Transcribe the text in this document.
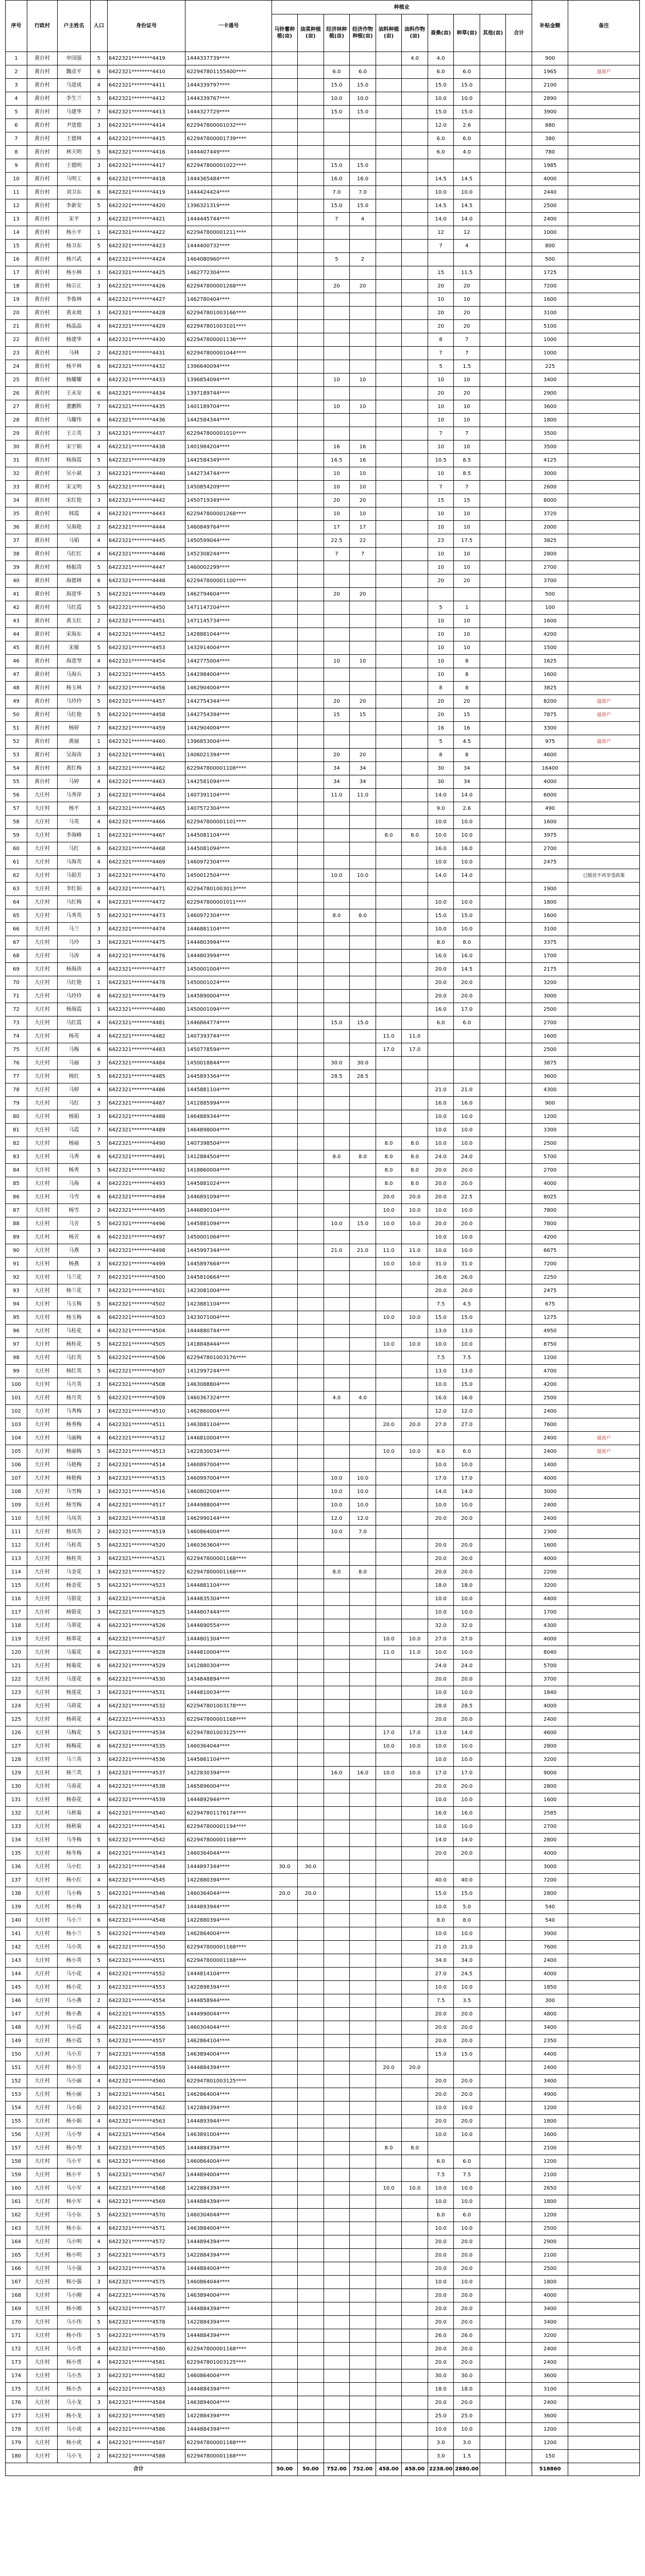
序号	行政村	户主姓名	人口	身份证号	一卡通号	种植业										补贴金额	备注
						马铃薯种植(亩)	油菜种植(亩)	经济林种植(亩)	经济作物种植(亩)	油料种植(亩)	油料作物(亩)	蚕桑(亩)	种草(亩)	其他(亩)	合计		
1	黄台村	申国强	5	6422321********4419	1444337739****						4.0	4.0				900	
2	黄台村	魏彦平	6	6422321********4410	622947801155400****			6.0	6.0			6.0	6.0			1965	返贫户
3	黄台村	马进成	4	6422321********4411	1444339797****			15.0	15.0			15.0	15.0			2100	
4	黄台村	李生兰	5	6422321********4412	1444339767****			10.0	10.0			10.0	10.0			2890	
5	黄台村	马建华	7	6422321********4413	1444327729****			15.0	15.0			15.0	15.0			3900	
6	黄台村	尹进德	3	6422321********4414	622947800001032****							12.0	2.6			880	
7	黄台村	王德林	4	6422321********4415	622947800001739****							6.0	6.0			380	
8	黄台村	林天明	5	6422321********4416	1444407449****							6.0	4.0			780	
9	黄台村	王德明	3	6422321********4417	622947800001022****			15.0	15.0							1985	
10	黄台村	马明工	6	6422321********4418	1444365484****			16.0	16.0			14.5	14.5			4000	
11	黄台村	刘卫东	6	6422321********4419	1444424424****			7.0	7.0			10.0	10.0			2440	
12	黄台村	李新安	5	6422321********4420	1396321319****			15.0	15.0			14.5	14.5			2500	
13	黄台村	宋平	3	6422321********4421	1444445744****			7	4			14.0	14.0			2400	
14	黄台村	杨小平	1	6422321********4422	622947800001211****							12	12			1000	
15	黄台村	杨卫东	5	6422321********4423	1444400732****							7	4			800	
16	黄台村	杨兴武	4	6422321********4424	1464080960****			5	2							500	
17	黄台村	杨小林	3	6422321********4425	1462772304****							15	11.5			1725	
18	黄台村	杨宗正	3	6422321********4426	622947800001268****			20	20			20	20			7200	
19	黄台村	李俊林	4	6422321********4427	1462780404****							10	10			1600	
20	黄台村	黄永坡	3	6422321********4428	622947801003166****							20	20			3100	
21	黄台村	杨晶晶	4	6422321********4429	622947801003101****							20	20			5100	
22	黄台村	杨建华	4	6422321********4430	622947800001136****							8	7			1000	
23	黄台村	马林	2	6422321********4431	622947800001044****							7	7			1000	
24	黄台村	杨平林	6	6422321********4432	1396640094****							5	1.5			225	
25	黄台村	杨耀耀	6	6422321********4433	1396854094****			10	10			10	10			3400	
26	黄台村	王永安	6	6422321********4434	1397189744****							20	20			2900	
27	黄台村	董鹏辉	7	6422321********4435	1401189704****			10	10			10	10			3600	
28	黄台村	马耀伟	6	6422321********4436	1442584344****							10	10			1800	
29	黄台村	王立英	3	6422321********4437	622947800001010****							7	7			3500	
30	黄台村	宋宁娟	4	6422321********4438	1401984204****			16	16			10	10			3500	
31	黄台村	杨海霞	5	6422321********4439	1442584349****			16.5	16			10.5	8.5			4125	
32	黄台村	吴小斌	3	6422321********4440	1442734744****			10	10			10	8.5			3000	
33	黄台村	宋文明	5	6422321********4441	1450854209****			10	10			7	7			2600	
34	黄台村	宋红艳	3	6422321********4442	1450719349****			20	20			15	15			8000	
35	黄台村	韩霞	4	6422321********4443	622947800001268****			10	10			10	10			3720	
36	黄台村	吴海艳	2	6422321********4444	1460849764****			17	17			10	10			2000	
37	黄台村	马娟	4	6422321********4445	1450599044****			22.5	22			23	17.5			3825	
38	黄台村	马红红	4	6422321********4446	1452308244****			7	7			10	10			2800	
39	黄台村	杨振清	5	6422321********4447	1460002299****							10	10			2700	
40	黄台村	海德林	6	6422321********4448	622947800001100****							20	20			3700	
41	黄台村	海进华	5	6422321********4449	1462794604****			20	20							500	
42	黄台村	马红霞	5	6422321********4450	1471147204****							5	1			100	
43	黄台村	黄玉红	2	6422321********4451	1471145734****							10	10			1600	
44	黄台村	宋海东	4	6422321********4452	1428881044****							10	10			4200	
45	黄台村	宋敏	5	6422321********4453	1432914004****							10	10			1500	
46	黄台村	海进琴	4	6422321********4454	1442775004****			10	10			10	8			1625	
47	黄台村	马海兵	3	6422321********4455	1442984004****							10	8			1600	
48	黄台村	杨玉林	7	6422321********4456	1462904004****							8	8			3825	
49	黄台村	马玲玲	5	6422321********4457	1442754344****			20	20			20	20			8200	返贫户
50	黄台村	马红艳	5	6422321********4458	1442754394****			15	15			20	15			7875	返贫户
51	黄台村	杨婷	7	6422321********4459	1442904004****							16	16			3300	
52	黄台村	黄丽	1	6422321********4460	1396853004****							5	4.5			975	返贫户
53	黄台村	吴海涛	3	6422321********4461	1406021394****			20	20			8	8			4600	
54	黄台村	黄红梅	3	6422321********4462	622947800001108****			34	34			30	34			16400	
55	黄台村	马婷	4	6422321********4463	1442581094****			34	34			30	34			4000	
56	大庄村	马秀萍	3	6422321********4464	1407391104****			11.0	11.0			14.0	14.0			6000	
57	大庄村	杨平	3	6422321********4465	1407572304****							9.0	2.6			490	
58	大庄村	马英	4	6422321********4466	622947800001101****							10.0	10.0			1600	
59	大庄村	李海峰	1	6422321********4467	1445081104****					8.0	8.0	10.0	10.0			3975	
60	大庄村	马红	6	6422321********4468	1445081094****							16.0	16.0			2700	
61	大庄村	马海英	4	6422321********4469	1460972304****							10.0	10.0			2475	
62	大庄村	马娟芳	3	6422321********4470	1450012504****			10.0	10.0			14.0	14.0				已脱贫不再享受政策
63	大庄村	李红娟	6	6422321********4471	622947801003013****											1900	
64	大庄村	马红梅	4	6422321********4472	622947800001011****							10.0	10.0			1800	
65	大庄村	马秀英	5	6422321********4473	1460972304****			8.0	8.0			15.0	15.0			1600	
66	大庄村	马兰	3	6422321********4474	1446881104****							10.0	10.0			3100	
67	大庄村	马玲	3	6422321********4475	1444803994****							8.0	8.0			3375	
68	大庄村	马涛	4	6422321********4476	1444803994****							16.0	16.0			1700	
69	大庄村	杨海涛	4	6422321********4477	1450001004****							20.0	14.5			2175	
70	大庄村	马红艳	1	6422321********4478	1450001024****							20.0	20.0			3200	
71	大庄村	马玲玲	6	6422321********4479	1445890004****							20.0	20.0			3000	
72	大庄村	杨海霞	1	6422321********4480	1450001094****							16.0	17.0			2500	
73	大庄村	马红霞	4	6422321********4481	1446864774****			15.0	15.0			6.0	6.0			2700	
74	大庄村	杨英	4	6422321********4482	1407393744****					11.0	11.0					1600	
75	大庄村	马梅	6	6422321********4483	1450778594****					17.0	17.0					2500	
76	大庄村	马丽	3	6422321********4484	1450018844****			30.0	30.0							3875	
77	大庄村	杨红	5	6422321********4485	1445893364****			28.5	28.5							3600	
78	大庄村	马婷	4	6422321********4486	1445881104****							21.0	21.0			4300	
79	大庄村	马红	3	6422321********4487	1412885994****							16.0	16.0			900	
80	大庄村	杨娟	3	6422321********4488	1464889344****							10.0	10.0			1200	
81	大庄村	马霞	7	6422321********4489	1464898004****							10.0	10.0			3300	
82	大庄村	杨丽	5	6422321********4490	1407398504****					8.0	8.0	10.0	10.0			2500	
83	大庄村	马秀	6	6422321********4491	1412884504****			8.0	8.0	8.0	8.0	24.0	24.0			5700	
84	大庄村	杨秀	5	6422321********4492	1418860004****					8.0	8.0	20.0	20.0			2700	
85	大庄村	马海	4	6422321********4493	1445881024****					8.0	8.0	20.0	20.0			4000	
86	大庄村	马雪	6	6422321********4494	1446891094****					20.0	20.0	20.0	22.5			8025	
87	大庄村	杨雪	2	6422321********4495	1446890104****					10.0	10.0	10.0	10.0			7800	
88	大庄村	马芳	5	6422321********4496	1445881094****			10.0	15.0	10.0	10.0	20.0	20.0			7800	
89	大庄村	杨芳	6	6422321********4497	1450001064****							10.0	10.0			4200	
90	大庄村	马燕	3	6422321********4498	1445997344****			21.0	21.0	11.0	11.0	10.0	10.0			6675	
91	大庄村	杨燕	3	6422321********4499	1445897664****					10.0	10.0	31.0	31.0			7200	
92	大庄村	马兰花	7	6422321********4500	1445810664****							26.0	26.0			2250	
93	大庄村	杨兰花	7	6422321********4501	1423081004****							20.0	20.0			2475	
94	大庄村	马玉梅	5	6422321********4502	1423881104****							7.5	4.5			675	
95	大庄村	杨玉梅	6	6422321********4503	1423071004****					10.0	10.0	15.0	15.0			1275	
96	大庄村	马桂花	4	6422321********4504	1444880744****							13.0	13.0			4950	
97	大庄村	杨桂花	5	6422321********4505	1418848444****					10.0	10.0	10.0	10.0			8750	
98	大庄村	马红英	5	6422321********4506	622947801003176****							7.5	7.5			1200	
99	大庄村	杨红英	5	6422321********4507	1412997244****							13.0	13.0			4700	
100	大庄村	马月英	3	6422321********4508	1463088804****							10.0	15.0			4200	
101	大庄村	杨月英	5	6422321********4509	1460367324****			4.0	4.0			16.0	16.0			2500	
102	大庄村	马秀梅	3	6422321********4510	1462860004****							12.0	12.0			2400	
103	大庄村	杨秀梅	4	6422321********4511	1463881104****					20.0	20.0	27.0	27.0			7600	
104	大庄村	马丽梅	4	6422321********4512	1446810004****											2400	返贫户
105	大庄村	杨丽梅	5	6422321********4513	1422830034****					10.0	10.0	6.0	6.0			2400	返贫户
106	大庄村	马艳梅	2	6422321********4514	1460897004****							10.0	10.0			1400	
107	大庄村	杨艳梅	3	6422321********4515	1460997004****			10.0	10.0			17.0	17.0			4000	
108	大庄村	马雪梅	3	6422321********4516	1460802004****			10.0	10.0			14.0	14.0			3000	
109	大庄村	杨雪梅	4	6422321********4517	1444988004****			10.0	10.0			10.0	10.0			2400	
110	大庄村	马凤英	3	6422321********4518	1462990144****			12.0	12.0			20.0	20.0			2400	
111	大庄村	杨凤英	2	6422321********4519	1460864004****			10.0	7.0							2300	
112	大庄村	马桂英	5	6422321********4520	1460363604****							20.0	20.0			1600	
113	大庄村	杨桂英	3	6422321********4521	622947800001168****							20.0	20.0			4000	
114	大庄村	马金花	3	6422321********4522	622947800001168****			8.0	8.0			20.0	20.0			2200	
115	大庄村	杨金花	5	6422321********4523	1444881104****							18.0	18.0			3200	
116	大庄村	马银花	3	6422321********4524	1444835304****							10.0	10.0			4400	
117	大庄村	杨银花	3	6422321********4525	1444807444****							10.0	10.0			1700	
118	大庄村	马翠花	4	6422321********4526	1444890554****							32.0	32.0			4300	
119	大庄村	杨翠花	4	6422321********4527	1444801304****					10.0	10.0	27.0	27.0			4000	
120	大庄村	马菊花	6	6422321********4528	1444810004****					11.0	11.0	10.0	10.0			8040	
121	大庄村	杨菊花	6	6422321********4529	1412880304****							24.0	24.0			5700	
122	大庄村	马莲花	6	6422321********4530	1434848894****							20.0	20.0			3700	
123	大庄村	杨莲花	3	6422321********4531	1444810034****							10.0	10.0			1840	
124	大庄村	马荷花	4	6422321********4532	622947801003178****							28.0	28.5			4000	
125	大庄村	杨荷花	4	6422321********4533	622947800001168****							20.0	20.0			2400	
126	大庄村	马梅花	5	6422321********4534	622947801003125****					17.0	17.0	13.0	14.0			4600	
127	大庄村	杨梅花	6	6422321********4535	1460364044****					10.0	10.0	10.0	10.0			2800	
128	大庄村	马兰英	3	6422321********4536	1445861104****							10.0	10.0			3200	
129	大庄村	杨兰英	3	6422321********4537	1422830394****			16.0	16.0	10.0	10.0	17.0	17.0			9000	
130	大庄村	马春花	4	6422321********4538	1465896004****							20.0	20.0			2800	
131	大庄村	杨春花	4	6422321********4539	1444892944****							10.0	10.0			1600	
132	大庄村	马秋菊	4	6422321********4540	622947801176174****							16.0	16.0			2585	
133	大庄村	杨秋菊	4	6422321********4541	622947800001194****							10.0	10.0			2700	
134	大庄村	马冬梅	5	6422321********4542	622947800001168****							14.0	14.0			2800	
135	大庄村	杨冬梅	4	6422321********4543	1460364044****							20.0	20.0			4000	
136	大庄村	马小红	3	6422321********4544	1444897344****	30.0	30.0									3000	
137	大庄村	杨小红	4	6422321********4545	1422880394****							40.0	40.0			7200	
138	大庄村	马小梅	5	6422321********4546	1460364044****	20.0	20.0					15.0	15.0			2800	
139	大庄村	杨小梅	3	6422321********4547	1444893944****							10.0	5.0			540	
140	大庄村	马小兰	6	6422321********4548	1422880394****							8.0	8.0			540	
141	大庄村	杨小兰	5	6422321********4549	1462864004****							10.0	10.0			3900	
142	大庄村	马小英	6	6422321********4550	622947800001168****							21.0	21.0			7600	
143	大庄村	杨小英	5	6422321********4551	622947800001168****							34.0	34.0			2400	
144	大庄村	马小花	4	6422321********4552	1444814104****							27.0	24.5			4000	
145	大庄村	杨小花	3	6422321********4553	1422898394****							10.0	10.0			1850	
146	大庄村	马小燕	2	6422321********4554	1444858944****							7.5	3.5			300	
147	大庄村	杨小燕	4	6422321********4555	1444990044****							20.0	20.0			4800	
148	大庄村	马小霞	4	6422321********4556	1460304044****							20.0	20.0			3400	
149	大庄村	杨小霞	5	6422321********4557	1462864104****							20.0	20.0			2350	
150	大庄村	马小芳	7	6422321********4558	1463894004****							15.0	15.0			4400	
151	大庄村	杨小芳	4	6422321********4559	1444884394****					20.0	20.0					2400	
152	大庄村	马小丽	4	6422321********4560	622947801003125****							20.0	20.0			3400	
153	大庄村	杨小丽	3	6422321********4561	1462864004****							20.0	20.0			4900	
154	大庄村	马小娟	2	6422321********4562	1422884394****							10.0	10.0			1200	
155	大庄村	杨小娟	4	6422321********4563	1444893944****							20.0	20.0			1800	
156	大庄村	马小琴	4	6422321********4564	1463891004****							10.0	10.0			1600	
157	大庄村	杨小琴	3	6422321********4565	1444884394****					8.0	8.0					2100	
158	大庄村	马小平	6	6422321********4566	1460864004****							6.0	6.0			1200	
159	大庄村	杨小平	5	6422321********4567	1444894004****							7.5	7.5			2100	
160	大庄村	马小军	4	6422321********4568	1422884394****					10.0	10.0	10.0	10.0			2650	
161	大庄村	杨小军	4	6422321********4569	1444884394****							10.0	10.0			1800	
162	大庄村	马小东	5	6422321********4570	1460304044****							6.0	6.0			1200	
163	大庄村	杨小东	4	6422321********4571	1463884004****							10.0	10.0			2500	
164	大庄村	马小明	4	6422321********4572	1444894394****							20.0	20.0			2900	
165	大庄村	杨小明	3	6422321********4573	1422884394****							20.0	20.0			2100	
166	大庄村	马小强	3	6422321********4574	1444884004****							20.0	20.0			2500	
167	大庄村	杨小强	3	6422321********4575	1460864044****							10.0	10.0			1800	
168	大庄村	马小刚	4	6422321********4576	1463894004****							20.0	20.0			4000	
169	大庄村	杨小刚	5	6422321********4577	1444884394****							20.0	20.0			3400	
170	大庄村	马小伟	5	6422321********4578	1422884394****							20.0	20.0			3400	
171	大庄村	杨小伟	5	6422321********4579	1444884394****							26.0	26.0			3200	
172	大庄村	马小勇	4	6422321********4580	622947800001168****							20.0	20.0			2400	
173	大庄村	杨小勇	4	6422321********4581	622947801003125****							20.0	20.0			2400	
174	大庄村	马小杰	3	6422321********4582	1460864004****							30.0	30.0			3600	
175	大庄村	杨小杰	4	6422321********4583	1444884394****							18.0	18.0			3100	
176	大庄村	马小龙	3	6422321********4584	1463894004****							20.0	20.0			2400	
177	大庄村	杨小龙	3	6422321********4585	1422884394****							25.0	25.0			3600	
178	大庄村	马小虎	4	6422321********4586	1444884394****							10.0	10.0			1200	
179	大庄村	杨小虎	4	6422321********4587	622947800001168****							3.0	3.0			1200	
180	大庄村	马小飞	2	6422321********4588	622947800001168****							3.0	1.5			150	
合计						50.00	50.00	752.00	752.00	458.00	458.00	2238.00	2880.00			518860	
